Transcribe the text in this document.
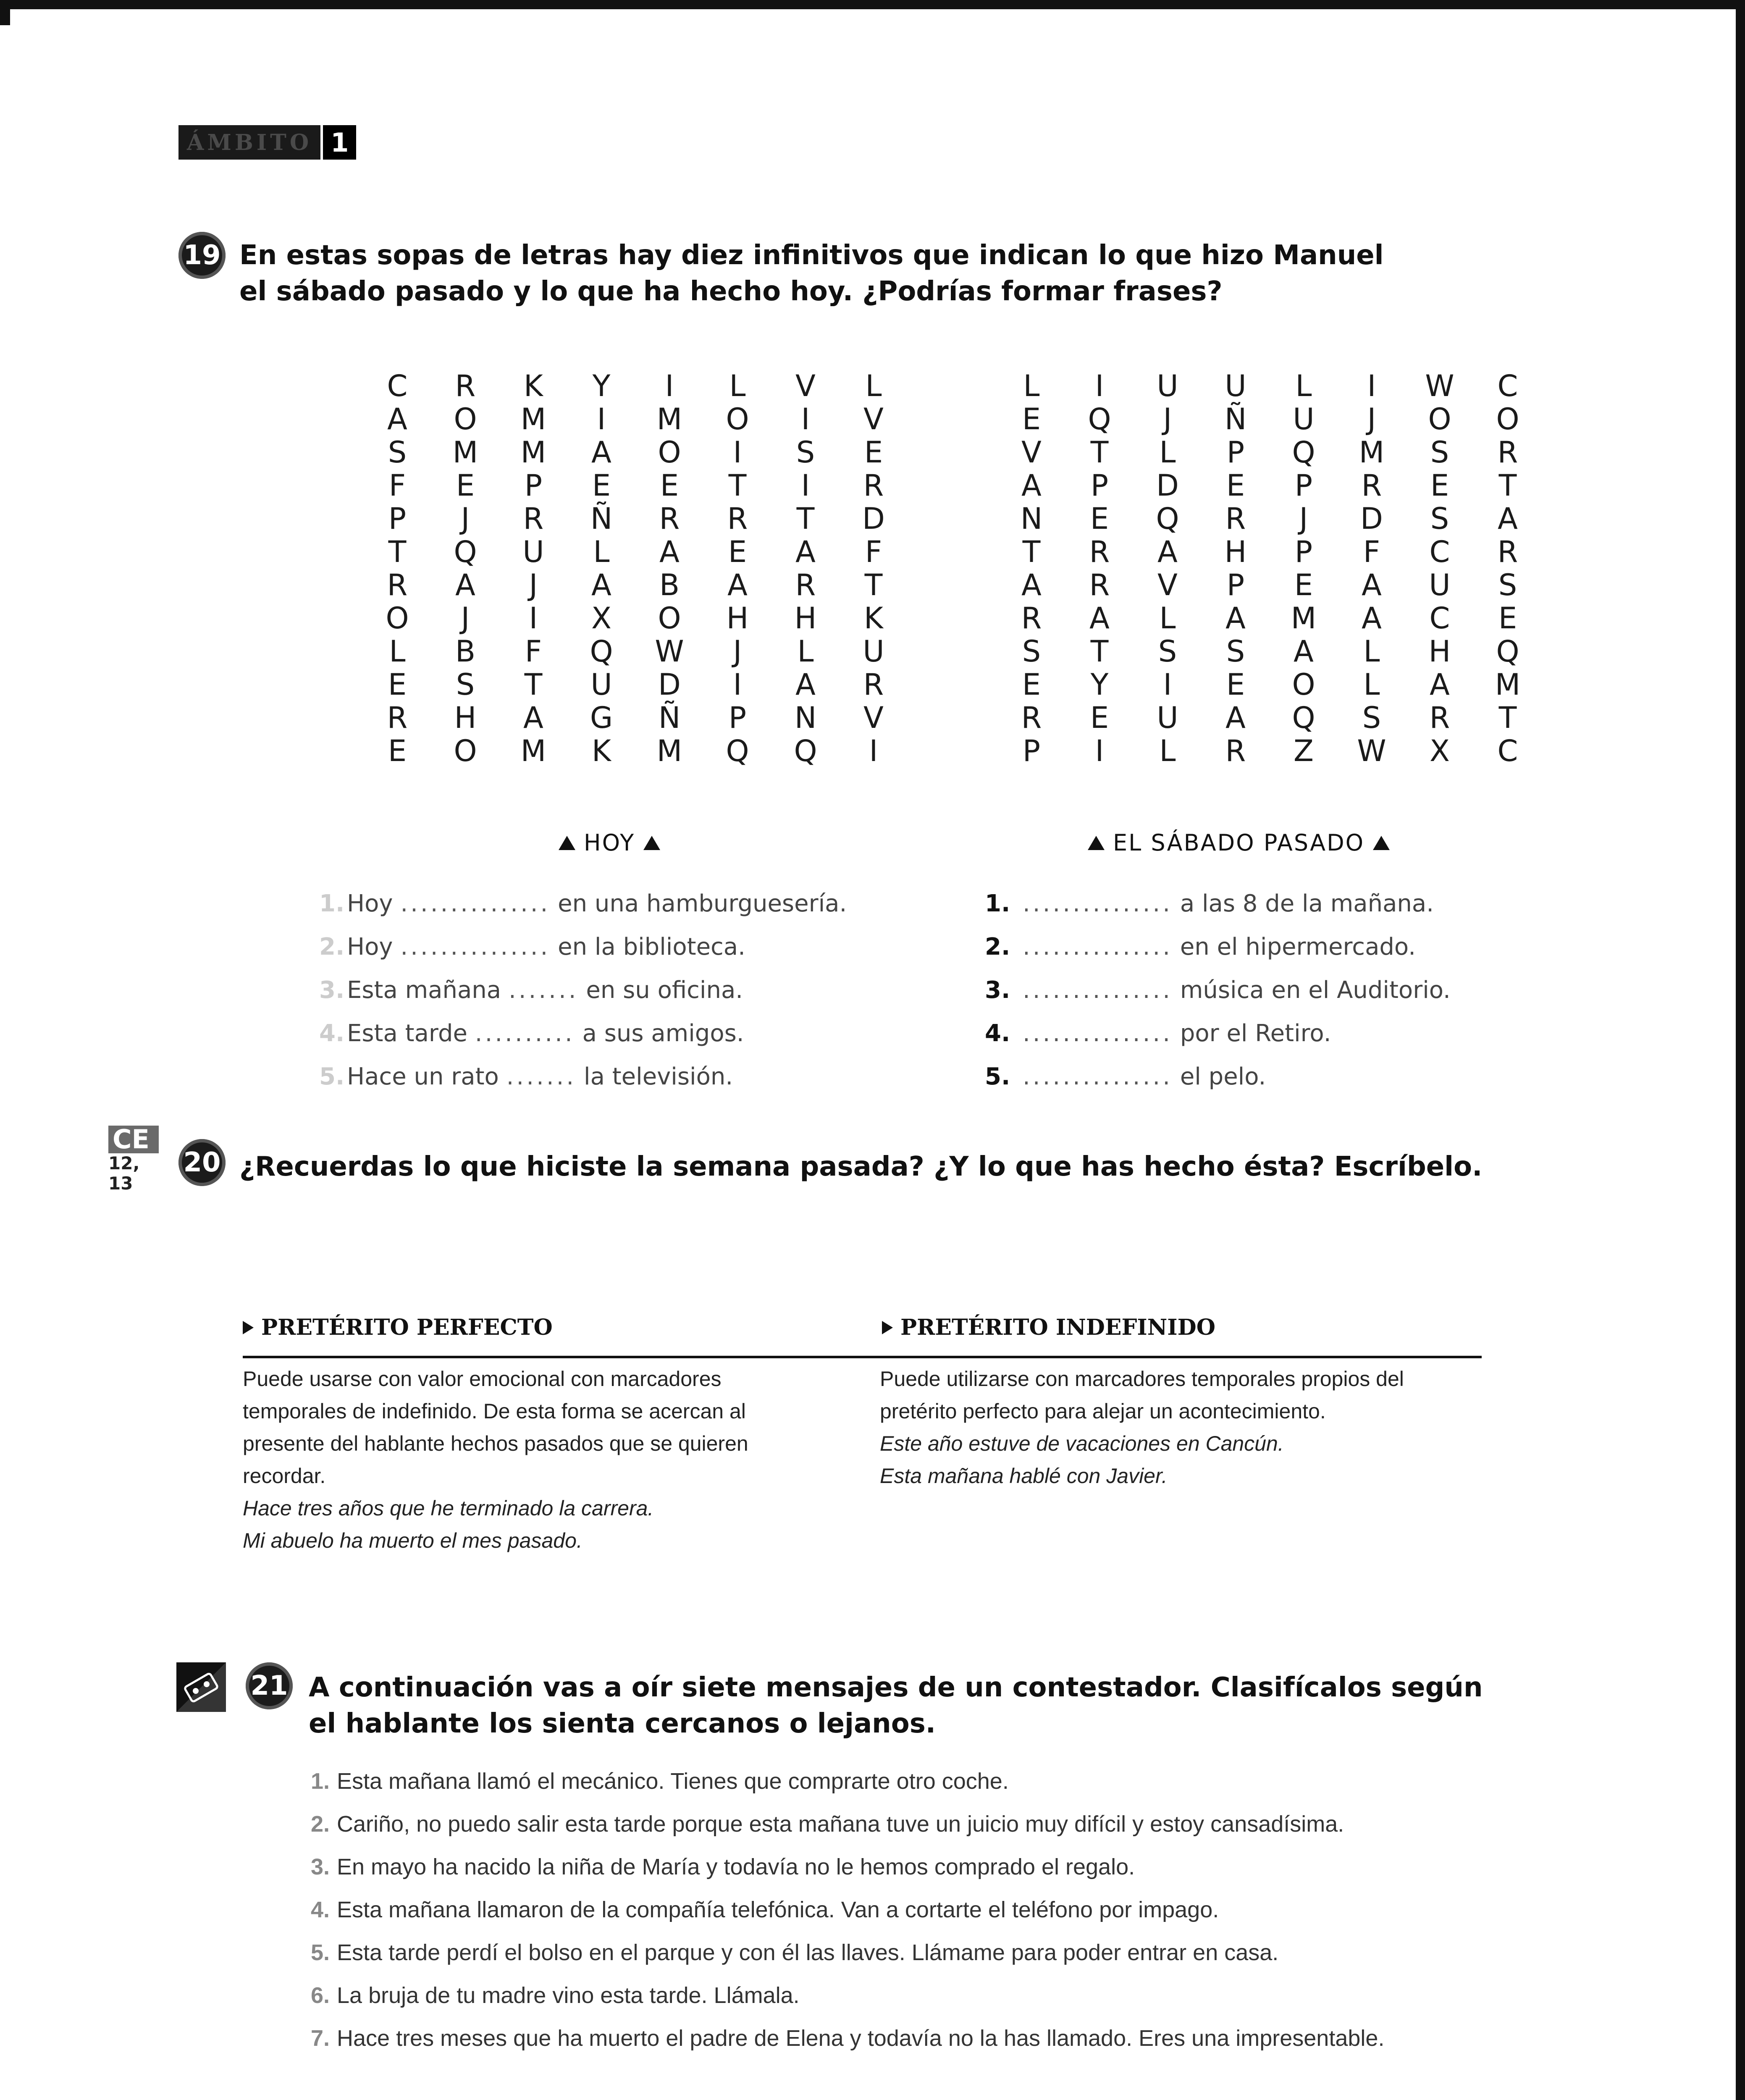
ÁMBITO 1
19 En estas sopas de letras hay diez infinitivos que indican lo que hizo Manuel
el sábado pasado y lo que ha hecho hoy. ¿Podrías formar frases?
C	R	K	Y	I	L	V	L
A	O	M	I	M	O	I	V
S	M	M	A	O	I	S	E
F	E	P	E	E	T	I	R
P	J	R	Ñ	R	R	T	D
T	Q	U	L	A	E	A	F
R	A	J	A	B	A	R	T
O	J	I	X	O	H	H	K
L	B	F	Q	W	J	L	U
E	S	T	U	D	I	A	R
R	H	A	G	Ñ	P	N	V
E	O	M	K	M	Q	Q	I
L	I	U	U	L	I	W	C
E	Q	J	Ñ	U	J	O	O
V	T	L	P	Q	M	S	R
A	P	D	E	P	R	E	T
N	E	Q	R	J	D	S	A
T	R	A	H	P	F	C	R
A	R	V	P	E	A	U	S
R	A	L	A	M	A	C	E
S	T	S	S	A	L	H	Q
E	Y	I	E	O	L	A	M
R	E	U	A	Q	S	R	T
P	I	L	R	Z	W	X	C
HOY	EL SÁBADO PASADO
1. Hoy ............... en una hamburguesería.
2. Hoy ............... en la biblioteca.
3. Esta mañana ....... en su oficina.
4. Esta tarde .......... a sus amigos.
5. Hace un rato ....... la televisión.
1. ............... a las 8 de la mañana.
2. ............... en el hipermercado.
3. ............... música en el Auditorio.
4. ............... por el Retiro.
5. ............... el pelo.
CE
12, 13
20 ¿Recuerdas lo que hiciste la semana pasada? ¿Y lo que has hecho ésta? Escríbelo.
PRETÉRITO PERFECTO	PRETÉRITO INDEFINIDO
Puede usarse con valor emocional con marcadores
temporales de indefinido. De esta forma se acercan al
presente del hablante hechos pasados que se quieren
recordar.
Hace tres años que he terminado la carrera.
Mi abuelo ha muerto el mes pasado.
Puede utilizarse con marcadores temporales propios del
pretérito perfecto para alejar un acontecimiento.
Este año estuve de vacaciones en Cancún.
Esta mañana hablé con Javier.
21 A continuación vas a oír siete mensajes de un contestador. Clasifícalos según
el hablante los sienta cercanos o lejanos.
1. Esta mañana llamó el mecánico. Tienes que comprarte otro coche.
2. Cariño, no puedo salir esta tarde porque esta mañana tuve un juicio muy difícil y estoy cansadísima.
3. En mayo ha nacido la niña de María y todavía no le hemos comprado el regalo.
4. Esta mañana llamaron de la compañía telefónica. Van a cortarte el teléfono por impago.
5. Esta tarde perdí el bolso en el parque y con él las llaves. Llámame para poder entrar en casa.
6. La bruja de tu madre vino esta tarde. Llámala.
7. Hace tres meses que ha muerto el padre de Elena y todavía no la has llamado. Eres una impresentable.
